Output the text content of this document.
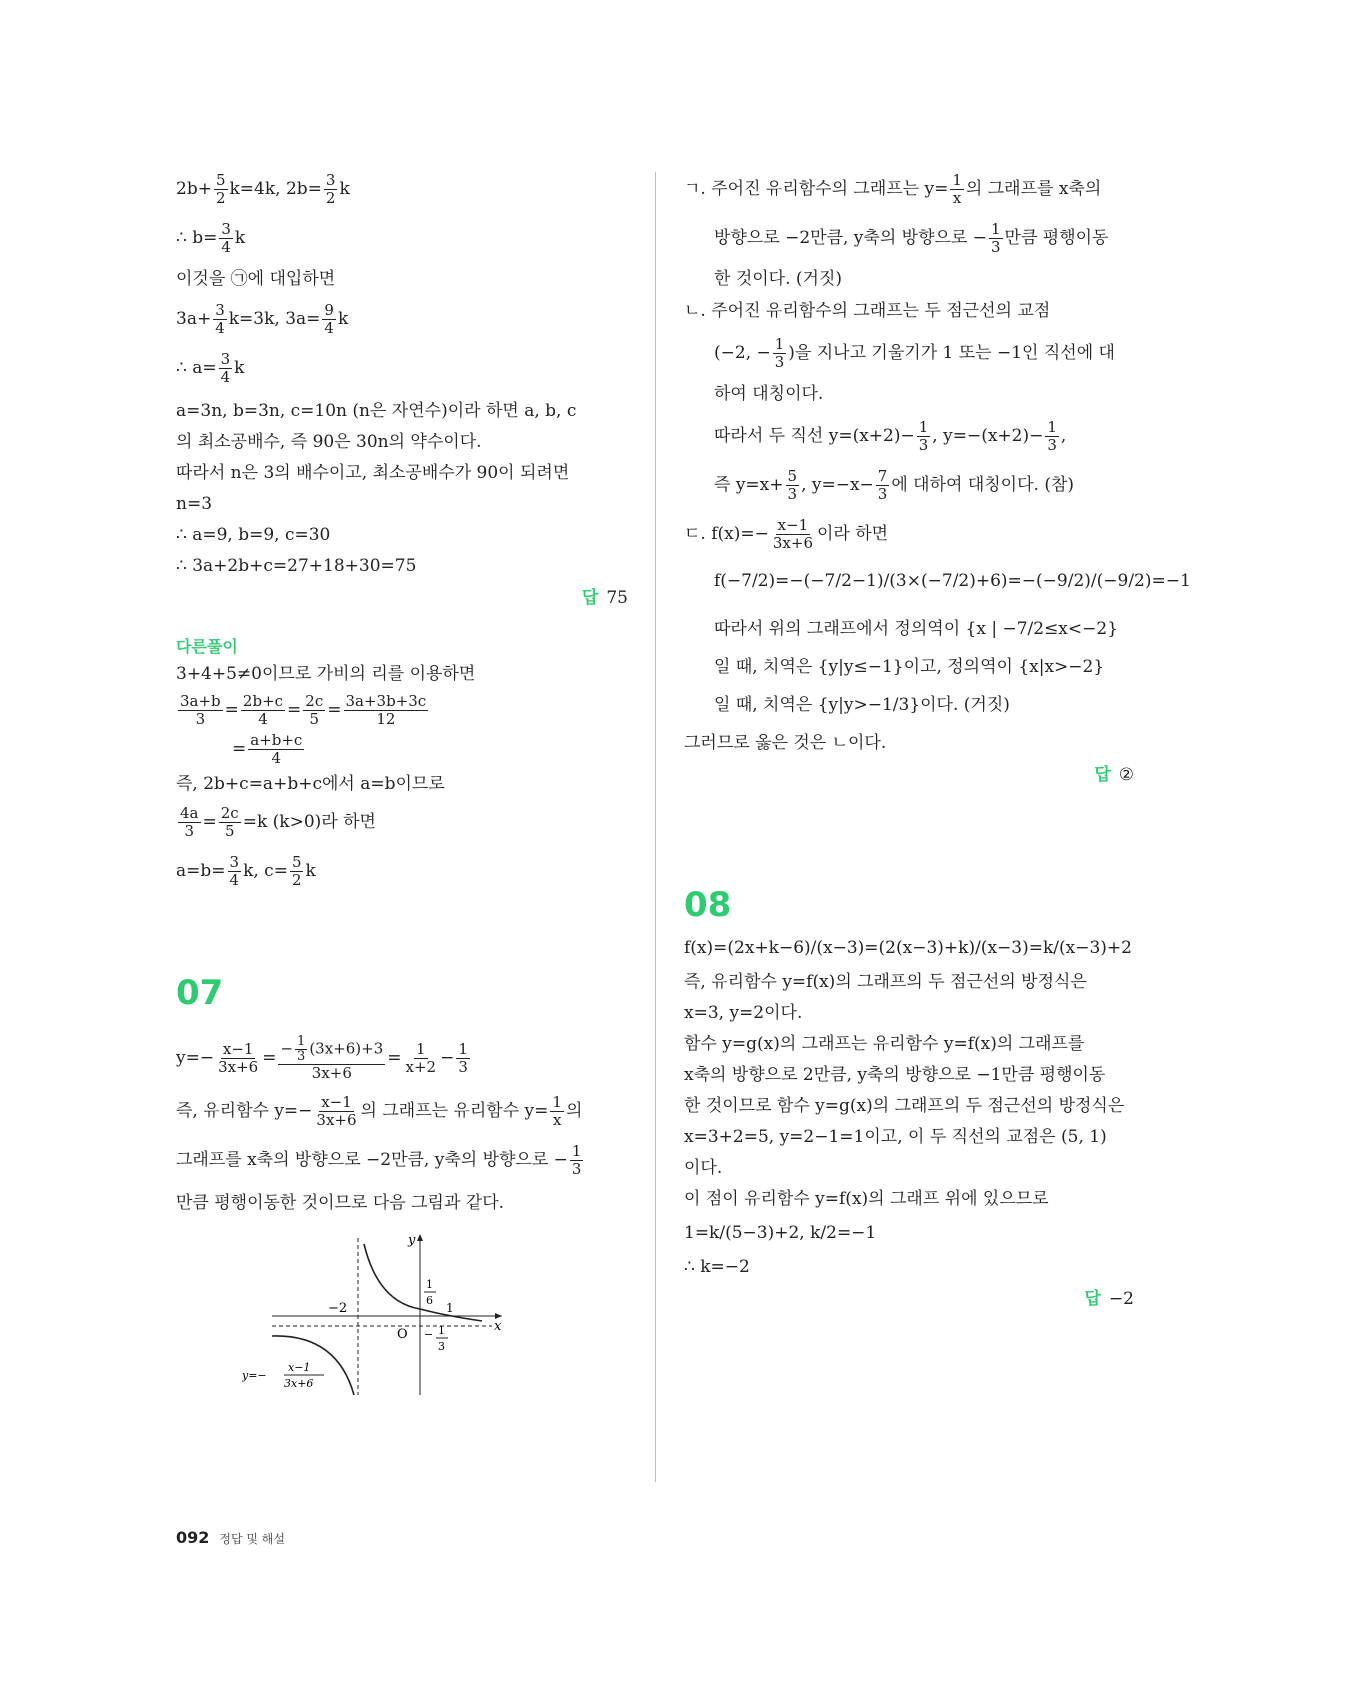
$2b+ \frac{5}{2} k=4k$, $2b= \frac{3}{2}$ k

∴ $b= \frac{3}{4}$ k

이것을 ㉠에 대입하면

$3a+ \frac{3}{4} k=3k$, $3a= \frac{9}{4}$ k

∴ $a= \frac{3}{4}$ k

a=3n, b=3n, c=10n (n은 자연수)이라 하면 a, b, c

의 최소공배수, 즉 90은 30n의 약수이다.

따라서 n은 3의 배수이고, 최소공배수가 90이 되려면

n=3

∴ a=9, b=9, c=30

∴ 3a+2b+c=27+18+30=75

답 75
다른풀이

3+4+5≠0이므로 가비의 리를 이용하면

$\frac{3a+b}{3} = \frac{2b+c}{4} = \frac{2c}{5} = \frac{3a+3b+3c}{12}$

= $\frac{a+b+c}{4}$

즉, 2b+c=a+b+c에서 a=b이므로

$\frac{4a}{3} = \frac{2c}{5} =k$ (k>0)라 하면

$a=b= \frac{3}{4} k$, $c= \frac{5}{2}$ k

07

$y=- \frac{x-1}{3x+6} = \frac{- \frac{1}{3} (3x+6)+3}{3x+6} = \frac{1}{x+2} - \frac{1}{3}$

즉, 유리함수 $y=- \frac{x-1}{3x+6}$ 의 그래프는 유리함수 $y= \frac{1}{x}$ 의

그래프를 x축의 방향으로 −2만큼, y축의 방향으로 − $\frac{1}{3}$

만큼 평행이동한 것이므로 다음 그림과 같다.

x
y
O
−2	1
1
6
− 1
3
y=−
x−1
3x+6

ㄱ. 주어진 유리함수의 그래프는 $y= \frac{1}{x}$ 의 그래프를 x축의

방향으로 −2만큼, y축의 방향으로 − $\frac{1}{3}$ 만큼 평행이동

한 것이다. (거짓)

ㄴ. 주어진 유리함수의 그래프는 두 점근선의 교점

(−2, − $\frac{1}{3}$ )을 지나고 기울기가 1 또는 −1인 직선에 대

하여 대칭이다.

따라서 두 직선 $y=(x+2)- \frac{1}{3}$ , $y=-(x+2)- \frac{1}{3}$ ,

즉 $y=x+ \frac{5}{3}$ , $y=-x- \frac{7}{3}$ 에 대하여 대칭이다. (참)

ㄷ. $f(x)=- \frac{x-1}{3x+6}$ 이라 하면

f(−7/2)=−(−7/2−1)/(3×(−7/2)+6)=−(−9/2)/(−9/2)=−1

따라서 위의 그래프에서 정의역이 {x | −7/2≤x<−2}

일 때, 치역은 {y|y≤−1}이고, 정의역이 {x|x>−2}

일 때, 치역은 {y|y>−1/3}이다. (거짓)

그러므로 옳은 것은 ㄴ이다.

답 ②
08

f(x)=(2x+k−6)/(x−3)=(2(x−3)+k)/(x−3)=k/(x−3)+2

즉, 유리함수 y=f(x)의 그래프의 두 점근선의 방정식은

x=3, y=2이다.

함수 y=g(x)의 그래프는 유리함수 y=f(x)의 그래프를

x축의 방향으로 2만큼, y축의 방향으로 −1만큼 평행이동

한 것이므로 함수 y=g(x)의 그래프의 두 점근선의 방정식은

x=3+2=5, y=2−1=1이고, 이 두 직선의 교점은 (5, 1)

이다.

이 점이 유리함수 y=f(x)의 그래프 위에 있으므로

1=k/(5−3)+2, k/2=−1

∴ k=−2

답 −2
092 정답 및 해설
